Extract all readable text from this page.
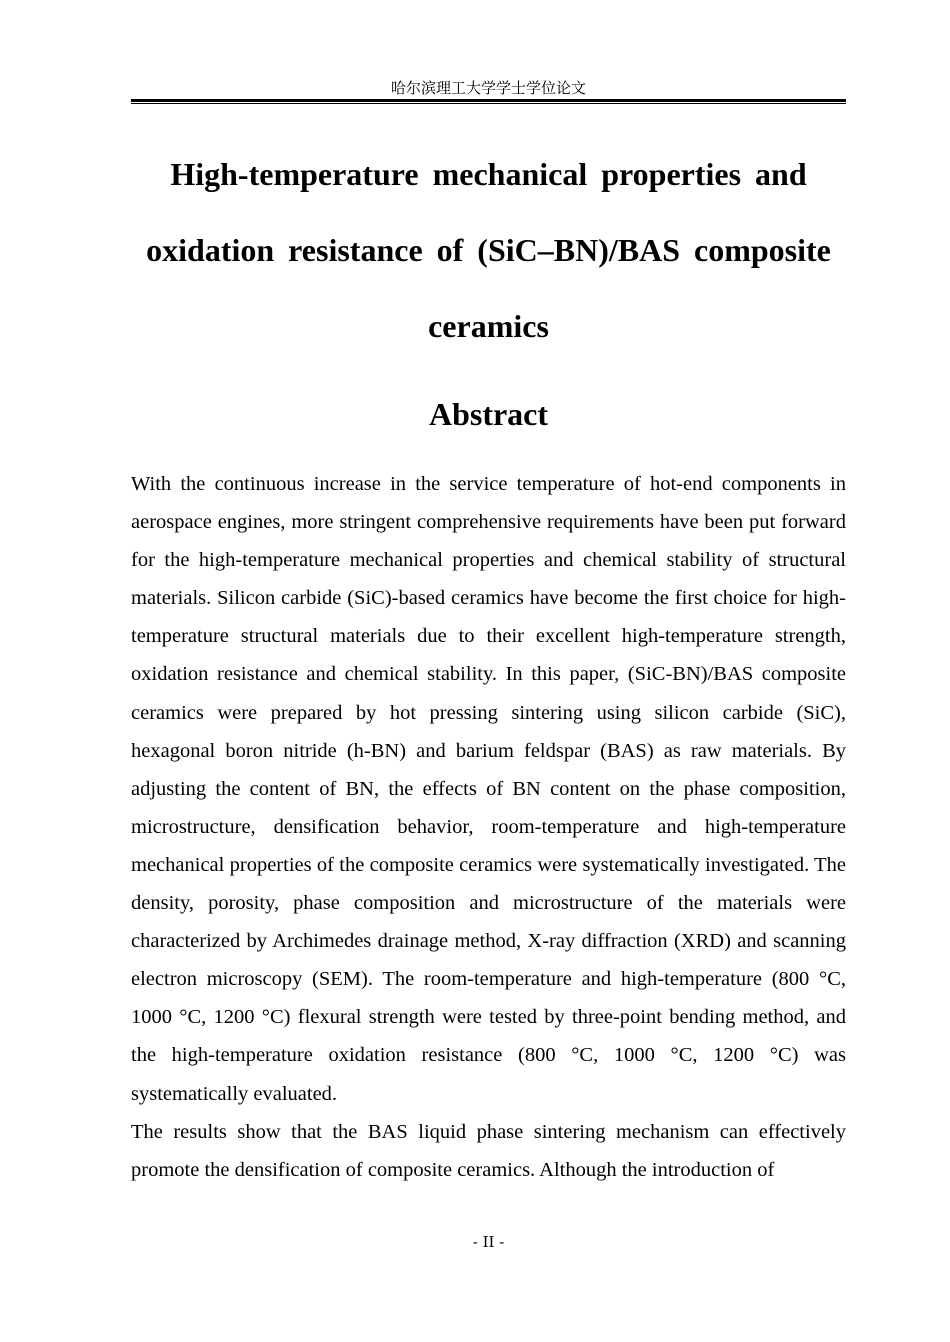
哈尔滨理工大学学士学位论文
High-temperature mechanical properties and oxidation resistance of (SiC–BN)/BAS composite ceramics
Abstract

With the continuous increase in the service temperature of hot-end components in aerospace engines, more stringent comprehensive requirements have been put forward for the high-temperature mechanical properties and chemical stability of structural materials. Silicon carbide (SiC)-based ceramics have become the first choice for high-temperature structural materials due to their excellent high-temperature strength, oxidation resistance and chemical stability. In this paper, (SiC-BN)/BAS composite ceramics were prepared by hot pressing sintering using silicon carbide (SiC), hexagonal boron nitride (h-BN) and barium feldspar (BAS) as raw materials. By adjusting the content of BN, the effects of BN content on the phase composition, microstructure, densification behavior, room-temperature and high-temperature mechanical properties of the composite ceramics were systematically investigated. The density, porosity, phase composition and microstructure of the materials were characterized by Archimedes drainage method, X-ray diffraction (XRD) and scanning electron microscopy (SEM). The room-temperature and high-temperature (800 °C, 1000 °C, 1200 °C) flexural strength were tested by three-point bending method, and the high-temperature oxidation resistance (800 °C, 1000 °C, 1200 °C) was systematically evaluated.

The results show that the BAS liquid phase sintering mechanism can effectively promote the densification of composite ceramics. Although the introduction of

- II -
